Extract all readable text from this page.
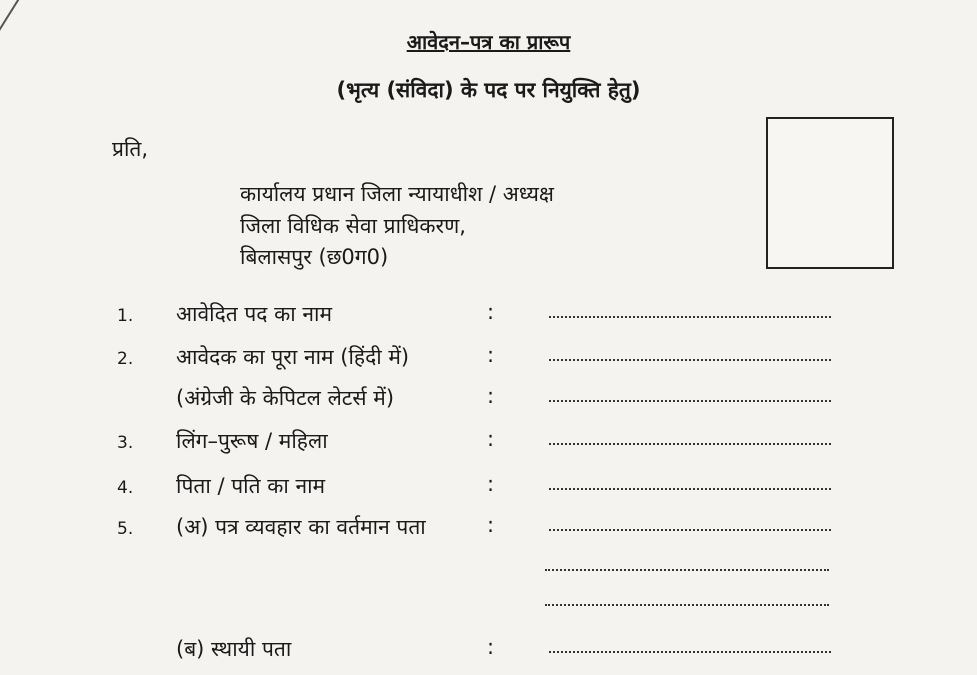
आवेदन–पत्र का प्रारूप
(भृत्य (संविदा) के पद पर नियुक्ति हेतु)
प्रति,
कार्यालय प्रधान जिला न्यायाधीश / अध्यक्ष
जिला विधिक सेवा प्राधिकरण,
बिलासपुर (छ0ग0)
1. आवेदित पद का नाम	:
2. आवेदक का पूरा नाम (हिंदी में)	:
(अंग्रेजी के केपिटल लेटर्स में)	:
3. लिंग–पुरूष / महिला	:
4. पिता / पति का नाम	:
5. (अ) पत्र व्यवहार का वर्तमान पता	:
(ब) स्थायी पता	:
